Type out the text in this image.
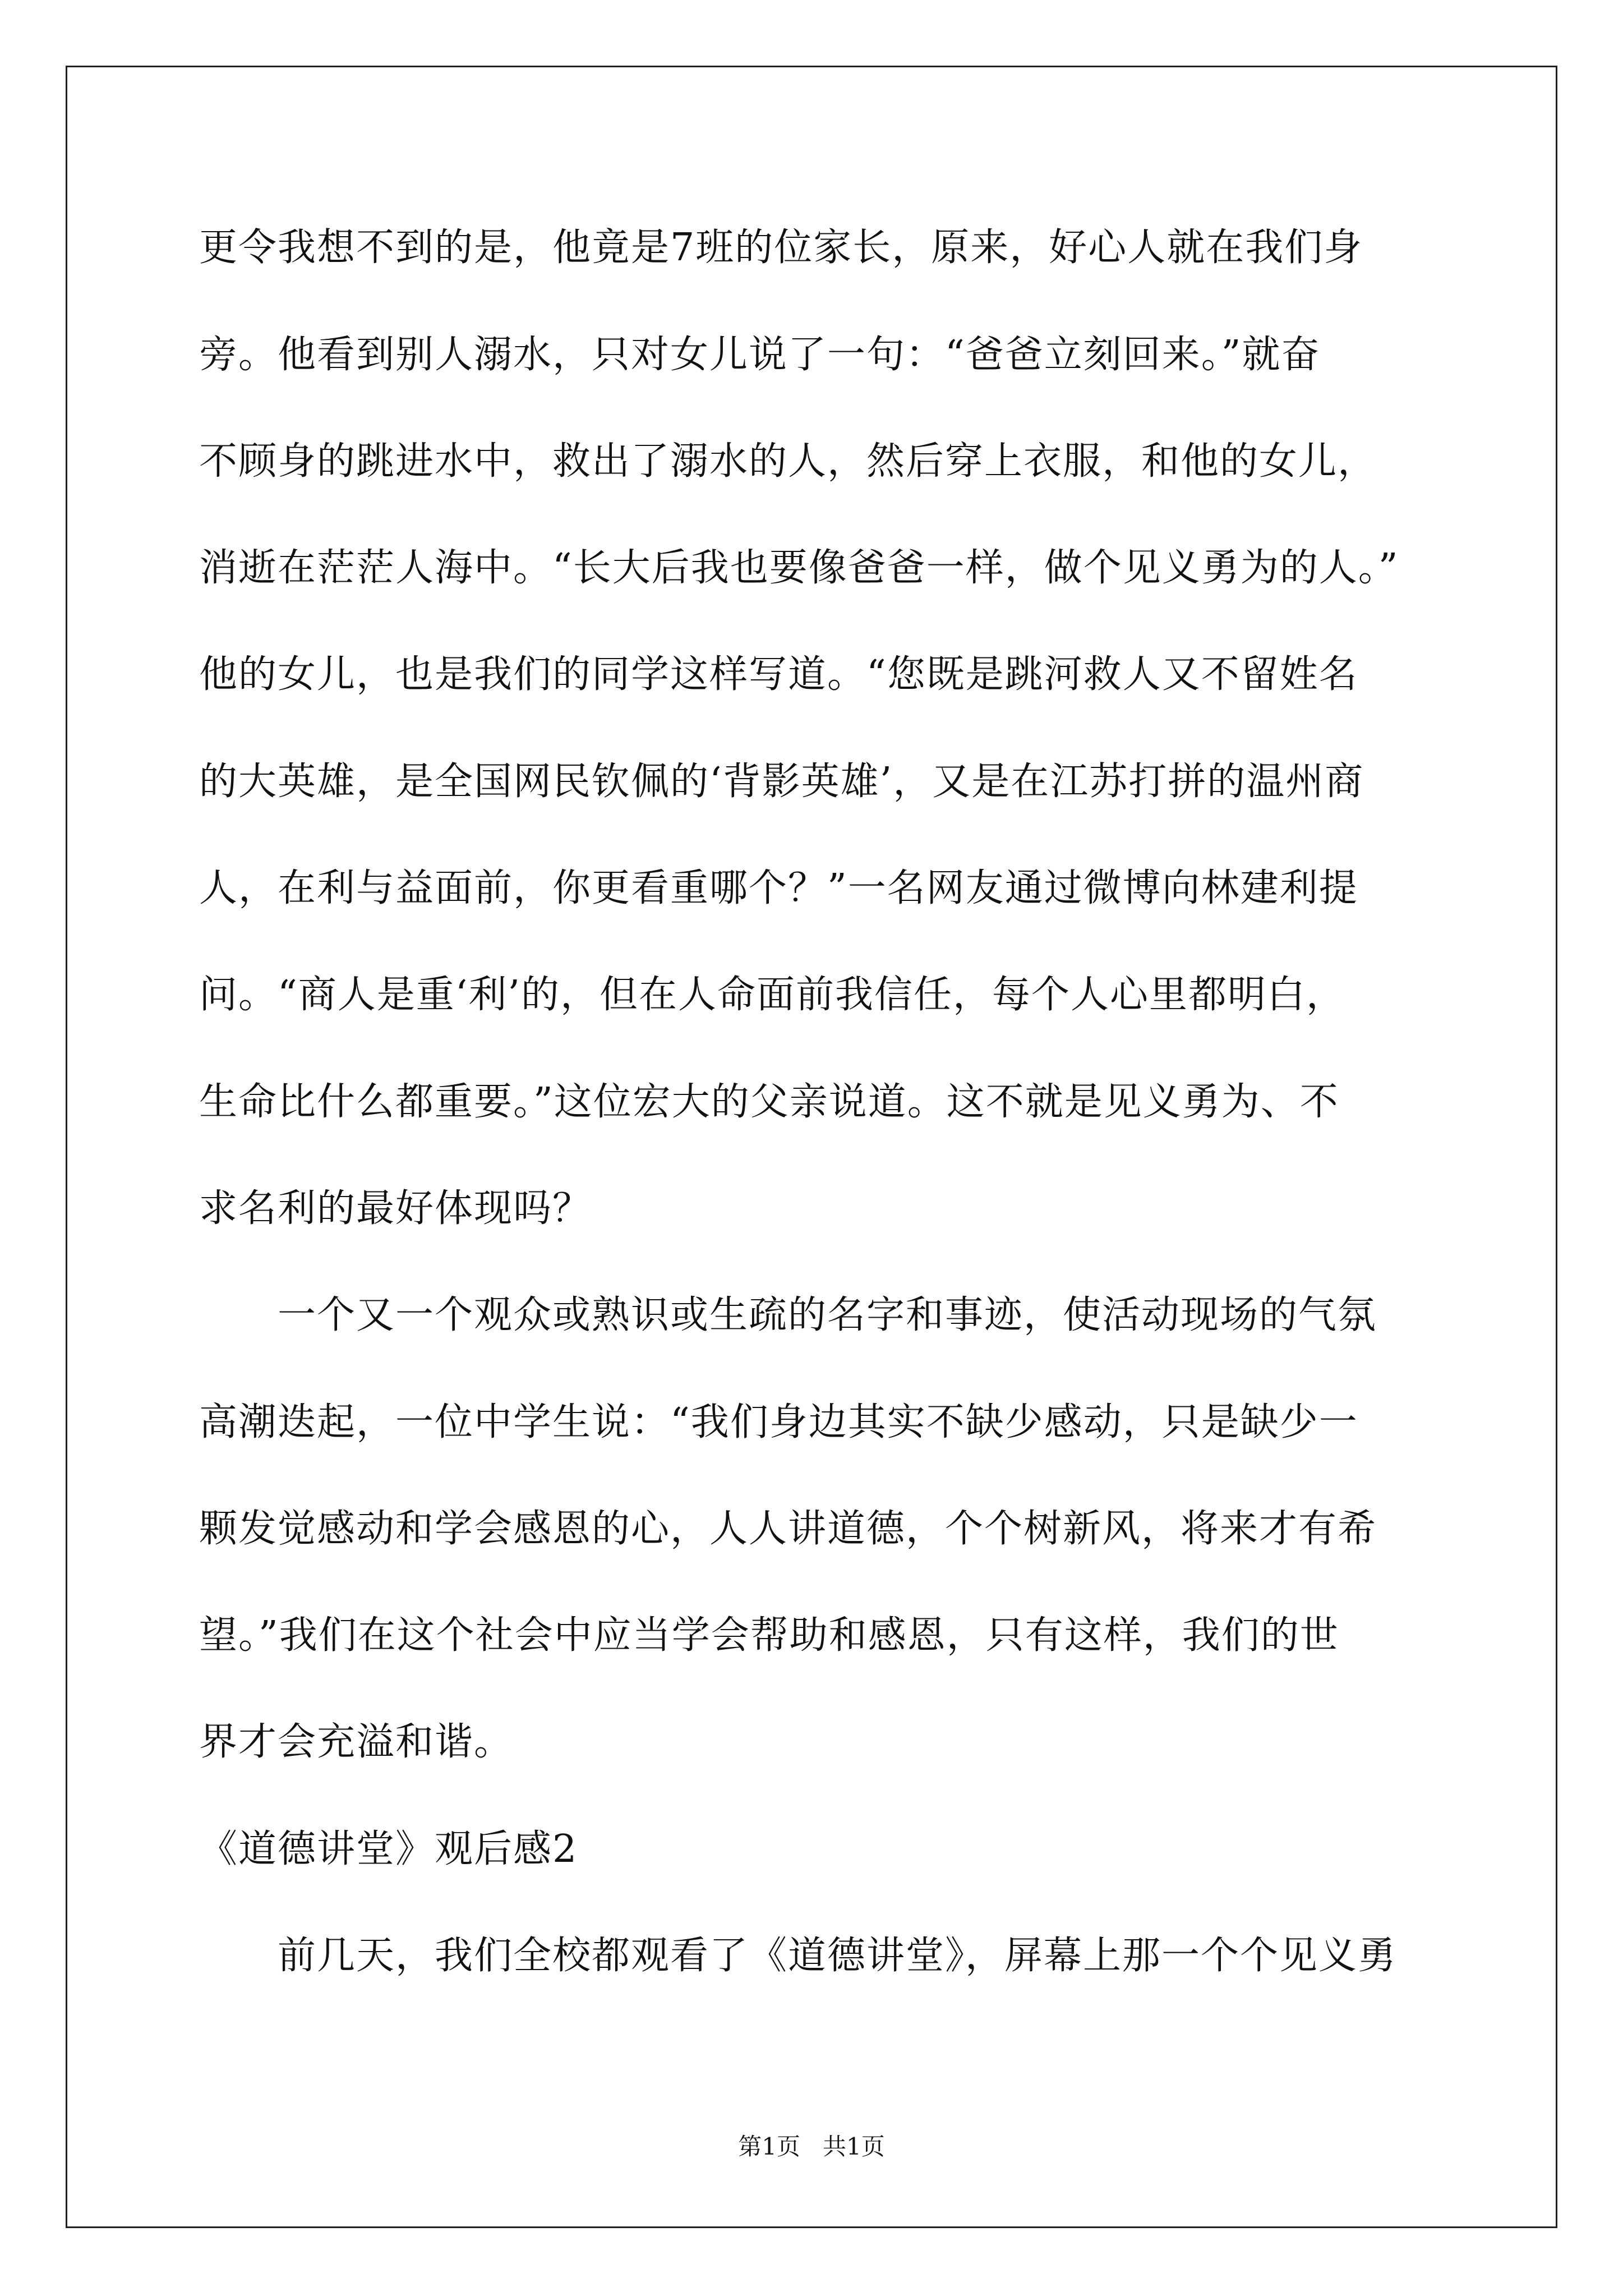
更令我想不到的是，他竟是7班的位家长，原来，好心人就在我们身
旁。他看到别人溺水，只对女儿说了一句：“爸爸立刻回来。”就奋
不顾身的跳进水中，救出了溺水的人，然后穿上衣服，和他的女儿，
消逝在茫茫人海中。“长大后我也要像爸爸一样，做个见义勇为的人。”
他的女儿，也是我们的同学这样写道。“您既是跳河救人又不留姓名
的大英雄，是全国网民钦佩的‘背影英雄’，又是在江苏打拼的温州商
人，在利与益面前，你更看重哪个？”一名网友通过微博向林建利提
问。“商人是重‘利’的，但在人命面前我信任，每个人心里都明白，
生命比什么都重要。”这位宏大的父亲说道。这不就是见义勇为、不
求名利的最好体现吗？
一个又一个观众或熟识或生疏的名字和事迹，使活动现场的气氛
高潮迭起，一位中学生说：“我们身边其实不缺少感动，只是缺少一
颗发觉感动和学会感恩的心，人人讲道德，个个树新风，将来才有希
望。”我们在这个社会中应当学会帮助和感恩，只有这样，我们的世
界才会充溢和谐。
《道德讲堂》观后感2
前几天，我们全校都观看了《道德讲堂》，屏幕上那一个个见义勇
第1页   共1页
